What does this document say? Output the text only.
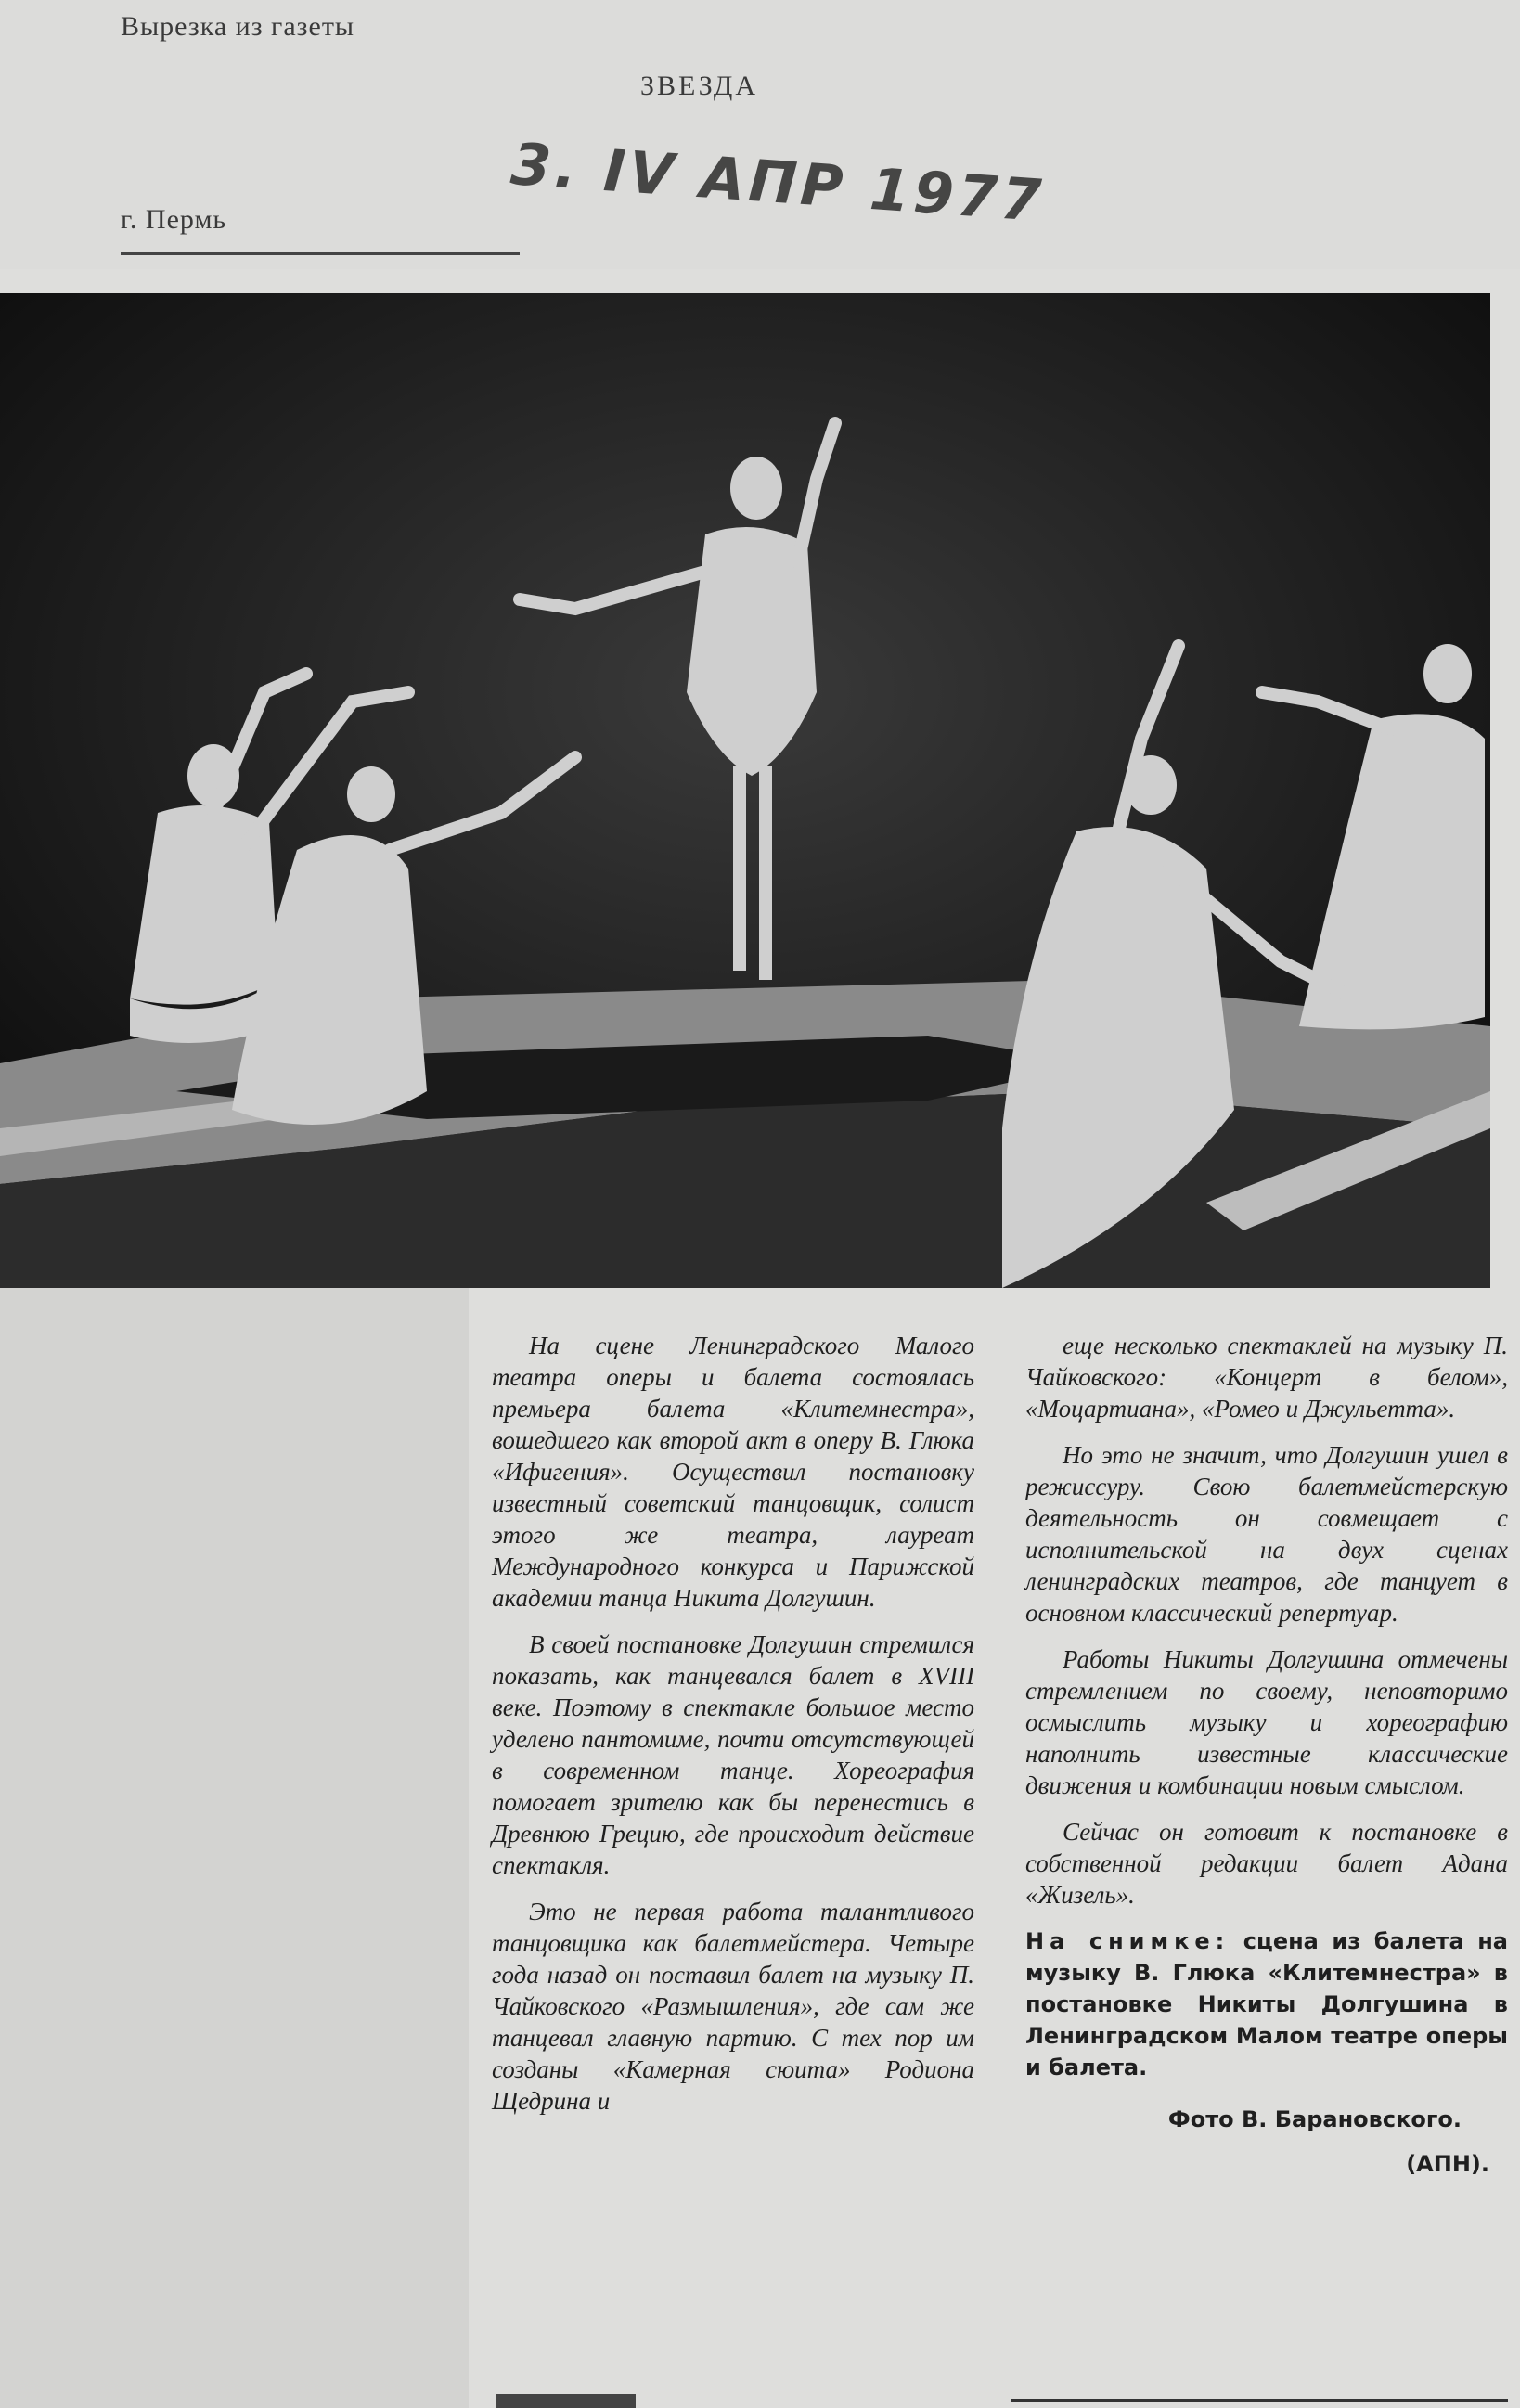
Вырезка из газеты
ЗВЕЗДА
3. IV АПР 1977
г. Пермь

На сцене Ленинградского Малого театра оперы и балета состоялась премьера балета «Клитемнестра», вошедшего как второй акт в оперу В. Глюка «Ифигения». Осуществил постановку известный советский танцовщик, солист этого же театра, лауреат Международного конкурса и Парижской академии танца Никита Долгушин.

В своей постановке Долгушин стремился показать, как танцевался балет в XVIII веке. Поэтому в спектакле большое место уделено пантомиме, почти отсутствующей в современном танце. Хореография помогает зрителю как бы перенестись в Древнюю Грецию, где происходит действие спектакля.

Это не первая работа талантливого танцовщика как балетмейстера. Четыре года назад он поставил балет на музыку П. Чайковского «Размышления», где сам же танцевал главную партию. С тех пор им созданы «Камерная сюита» Родиона Щедрина и

еще несколько спектаклей на музыку П. Чайковского: «Концерт в белом», «Моцартиана», «Ромео и Джульетта».

Но это не значит, что Долгушин ушел в режиссуру. Свою балетмейстерскую деятельность он совмещает с исполнительской на двух сценах ленинградских театров, где танцует в основном классический репертуар.

Работы Никиты Долгушина отмечены стремлением по своему, неповторимо осмыслить музыку и хореографию наполнить известные классические движения и комбинации новым смыслом.

Сейчас он готовит к постановке в собственной редакции балет Адана «Жизель».

На снимке: сцена из балета на музыку В. Глюка «Клитемнестра» в постановке Никиты Долгушина в Ленинградском Малом театре оперы и балета.

Фото В. Барановского.

(АПН).
